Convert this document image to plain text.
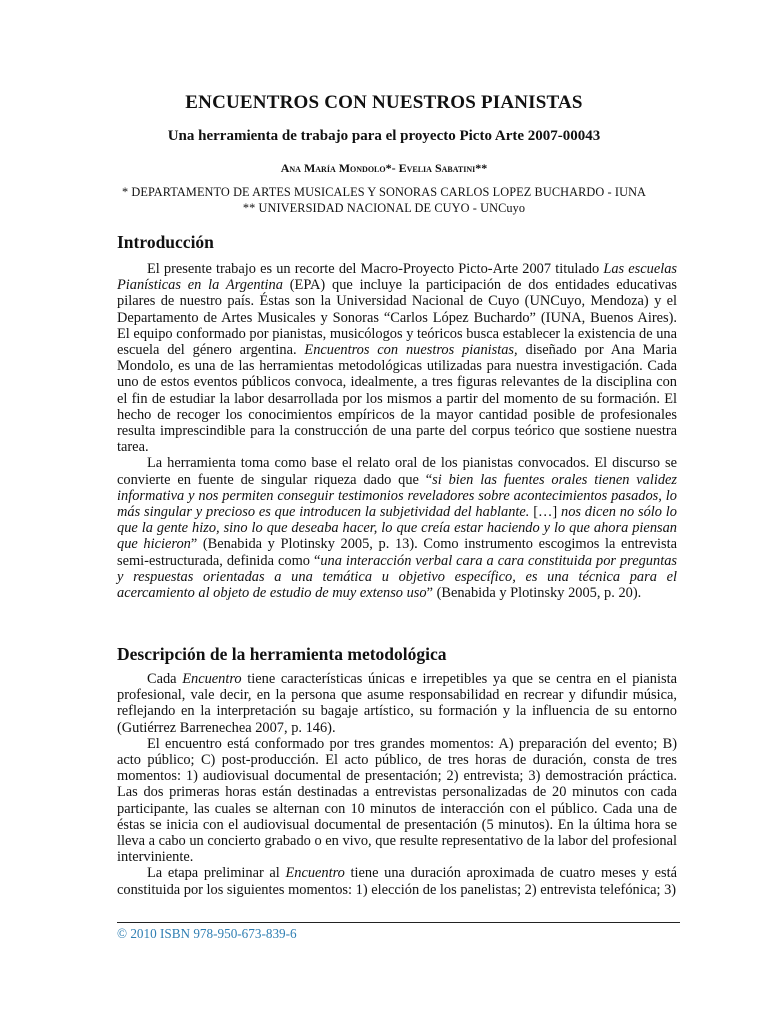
ENCUENTROS CON NUESTROS PIANISTAS
Una herramienta de trabajo para el proyecto Picto Arte 2007-00043
Ana María Mondolo*- Evelia Sabatini**
* DEPARTAMENTO DE ARTES MUSICALES Y SONORAS CARLOS LOPEZ BUCHARDO - IUNA
** UNIVERSIDAD NACIONAL DE CUYO - UNCuyo
Introducción

El presente trabajo es un recorte del Macro-Proyecto Picto-Arte 2007 titulado Las escuelas Pianísticas en la Argentina (EPA) que incluye la participación de dos entidades educativas pilares de nuestro país. Éstas son la Universidad Nacional de Cuyo (UNCuyo, Mendoza) y el Departamento de Artes Musicales y Sonoras “Carlos López Buchardo” (IUNA, Buenos Aires). El equipo conformado por pianistas, musicólogos y teóricos busca establecer la existencia de una escuela del género argentina. Encuentros con nuestros pianistas, diseñado por Ana Maria Mondolo, es una de las herramientas metodológicas utilizadas para nuestra investigación. Cada uno de estos eventos públicos convoca, idealmente, a tres figuras relevantes de la disciplina con el fin de estudiar la labor desarrollada por los mismos a partir del momento de su formación. El hecho de recoger los conocimientos empíricos de la mayor cantidad posible de profesionales resulta imprescindible para la construcción de una parte del corpus teórico que sostiene nuestra tarea.

La herramienta toma como base el relato oral de los pianistas convocados. El discurso se convierte en fuente de singular riqueza dado que “si bien las fuentes orales tienen validez informativa y nos permiten conseguir testimonios reveladores sobre acontecimientos pasados, lo más singular y precioso es que introducen la subjetividad del hablante. […] nos dicen no sólo lo que la gente hizo, sino lo que deseaba hacer, lo que creía estar haciendo y lo que ahora piensan que hicieron” (Benabida y Plotinsky 2005, p. 13). Como instrumento escogimos la entrevista semi-estructurada, definida como “una interacción verbal cara a cara constituida por preguntas y respuestas orientadas a una temática u objetivo específico, es una técnica para el acercamiento al objeto de estudio de muy extenso uso” (Benabida y Plotinsky 2005, p. 20).

Descripción de la herramienta metodológica

Cada Encuentro tiene características únicas e irrepetibles ya que se centra en el pianista profesional, vale decir, en la persona que asume responsabilidad en recrear y difundir música, reflejando en la interpretación su bagaje artístico, su formación y la influencia de su entorno (Gutiérrez Barrenechea 2007, p. 146).

El encuentro está conformado por tres grandes momentos: A) preparación del evento; B) acto público; C) post-producción. El acto público, de tres horas de duración, consta de tres momentos: 1) audiovisual documental de presentación; 2) entrevista; 3) demostración práctica. Las dos primeras horas están destinadas a entrevistas personalizadas de 20 minutos con cada participante, las cuales se alternan con 10 minutos de interacción con el público. Cada una de éstas se inicia con el audiovisual documental de presentación (5 minutos). En la última hora se lleva a cabo un concierto grabado o en vivo, que resulte representativo de la labor del profesional interviniente.

La etapa preliminar al Encuentro tiene una duración aproximada de cuatro meses y está constituida por los siguientes momentos: 1) elección de los panelistas; 2) entrevista telefónica; 3)

© 2010 ISBN 978-950-673-839-6
